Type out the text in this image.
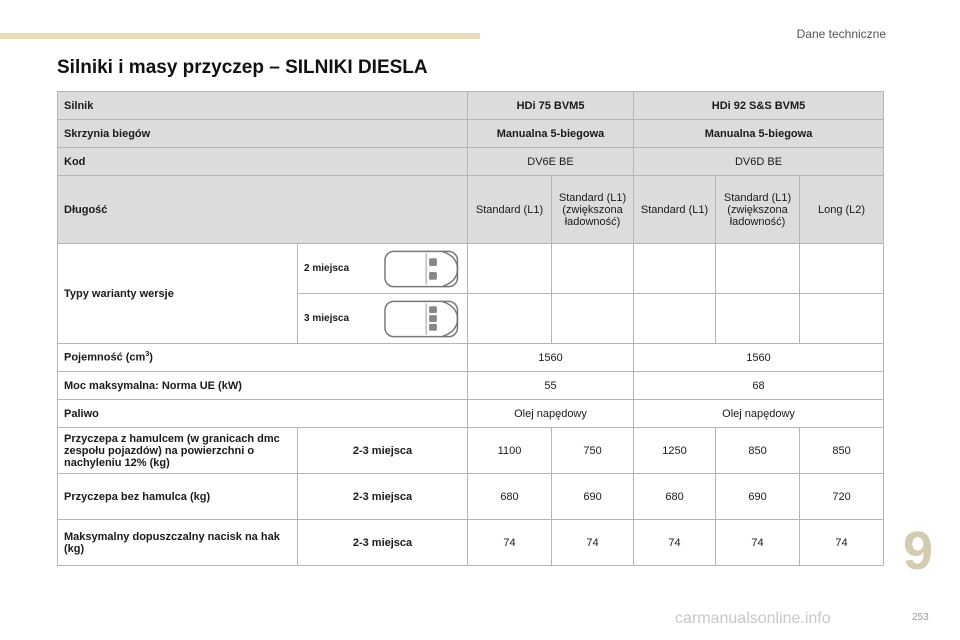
Dane techniczne
Silniki i masy przyczep – SILNIKI DIESLA
Silnik		HDi 75 BVM5		HDi 92 S&S BVM5		
Skrzynia biegów		Manualna 5-biegowa		Manualna 5-biegowa		
Kod		DV6E BE		DV6D BE		
Długość		Standard (L1)	Standard (L1) (zwiększona ładowność)	Standard (L1)	Standard (L1) (zwiększona ładowność)	Long (L2)
Typy warianty wersje	2 miejsca					

	3 miejsca					

Pojemność $(cm^3)$		1560		1560		
Moc maksymalna: Norma UE (kW)		55		68		
Paliwo		Olej napędowy		Olej napędowy		
Przyczepa z hamulcem (w granicach dmc zespołu pojazdów) na powierzchni o nachyleniu 12% (kg)	2-3 miejsca	1100	750	1250	850	850
Przyczepa bez hamulca (kg)	2-3 miejsca	680	690	680	690	720
Maksymalny dopuszczalny nacisk na hak (kg)	2-3 miejsca	74	74	74	74	74 9
carmanualsonline.info	253
